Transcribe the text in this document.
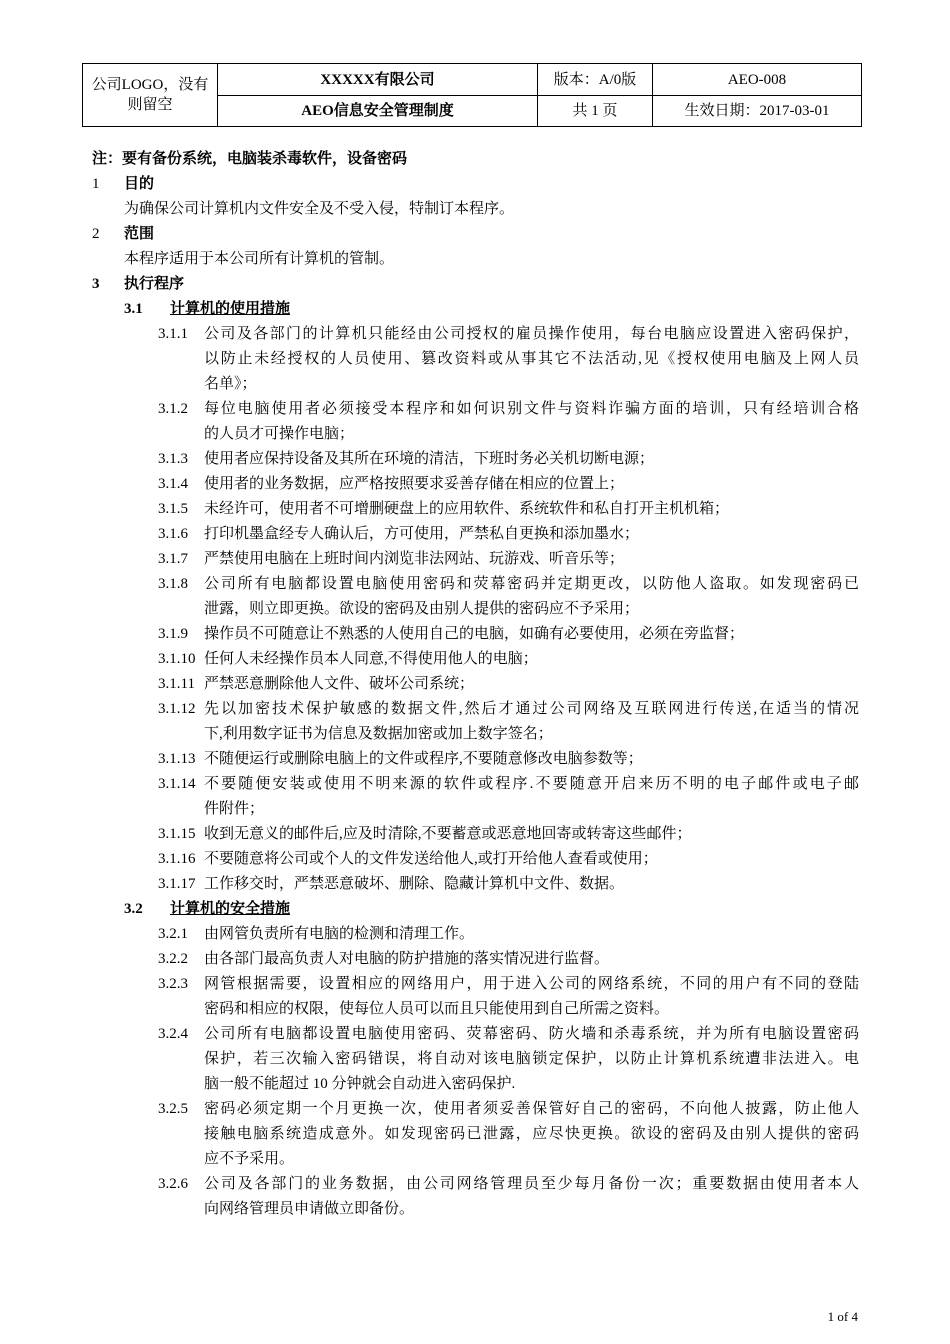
公司LOGO，没有则留空	XXXXX有限公司	版本：A/0版	AEO-008
	AEO信息安全管理制度	共 1 页	生效日期：2017-03-01
注：要有备份系统，电脑装杀毒软件，设备密码
1 目的
为确保公司计算机内文件安全及不受入侵，特制订本程序。
2 范围
本程序适用于本公司所有计算机的管制。
3 执行程序
3.1 计算机的使用措施
3.1.1 公司及各部门的计算机只能经由公司授权的雇员操作使用，每台电脑应设置进入密码保护，
以防止未经授权的人员使用、篡改资料或从事其它不法活动,见《授权使用电脑及上网人员
名单》；
3.1.2 每位电脑使用者必须接受本程序和如何识别文件与资料诈骗方面的培训，只有经培训合格
的人员才可操作电脑；
3.1.3 使用者应保持设备及其所在环境的清洁，下班时务必关机切断电源；
3.1.4 使用者的业务数据，应严格按照要求妥善存储在相应的位置上；
3.1.5 未经许可，使用者不可增删硬盘上的应用软件、系统软件和私自打开主机机箱；
3.1.6 打印机墨盒经专人确认后，方可使用，严禁私自更换和添加墨水；
3.1.7 严禁使用电脑在上班时间内浏览非法网站、玩游戏、听音乐等；
3.1.8 公司所有电脑都设置电脑使用密码和荧幕密码并定期更改，以防他人盗取。如发现密码已
泄露，则立即更换。欲设的密码及由别人提供的密码应不予采用；
3.1.9 操作员不可随意让不熟悉的人使用自己的电脑，如确有必要使用，必须在旁监督；
3.1.10 任何人未经操作员本人同意,不得使用他人的电脑；
3.1.11 严禁恶意删除他人文件、破坏公司系统；
3.1.12 先以加密技术保护敏感的数据文件,然后才通过公司网络及互联网进行传送,在适当的情况
下,利用数字证书为信息及数据加密或加上数字签名；
3.1.13 不随便运行或删除电脑上的文件或程序,不要随意修改电脑参数等；
3.1.14 不要随便安装或使用不明来源的软件或程序.不要随意开启来历不明的电子邮件或电子邮
件附件；
3.1.15 收到无意义的邮件后,应及时清除,不要蓄意或恶意地回寄或转寄这些邮件；
3.1.16 不要随意将公司或个人的文件发送给他人,或打开给他人查看或使用；
3.1.17 工作移交时，严禁恶意破坏、删除、隐藏计算机中文件、数据。
3.2 计算机的安全措施
3.2.1 由网管负责所有电脑的检测和清理工作。
3.2.2 由各部门最高负责人对电脑的防护措施的落实情况进行监督。
3.2.3 网管根据需要，设置相应的网络用户，用于进入公司的网络系统，不同的用户有不同的登陆
密码和相应的权限，使每位人员可以而且只能使用到自己所需之资料。
3.2.4 公司所有电脑都设置电脑使用密码、荧幕密码、防火墙和杀毒系统，并为所有电脑设置密码
保护，若三次输入密码错误，将自动对该电脑锁定保护，以防止计算机系统遭非法进入。电
脑一般不能超过 10 分钟就会自动进入密码保护.
3.2.5 密码必须定期一个月更换一次，使用者须妥善保管好自己的密码，不向他人披露，防止他人
接触电脑系统造成意外。如发现密码已泄露，应尽快更换。欲设的密码及由别人提供的密码
应不予采用。
3.2.6 公司及各部门的业务数据，由公司网络管理员至少每月备份一次；重要数据由使用者本人
向网络管理员申请做立即备份。
1 of 4
